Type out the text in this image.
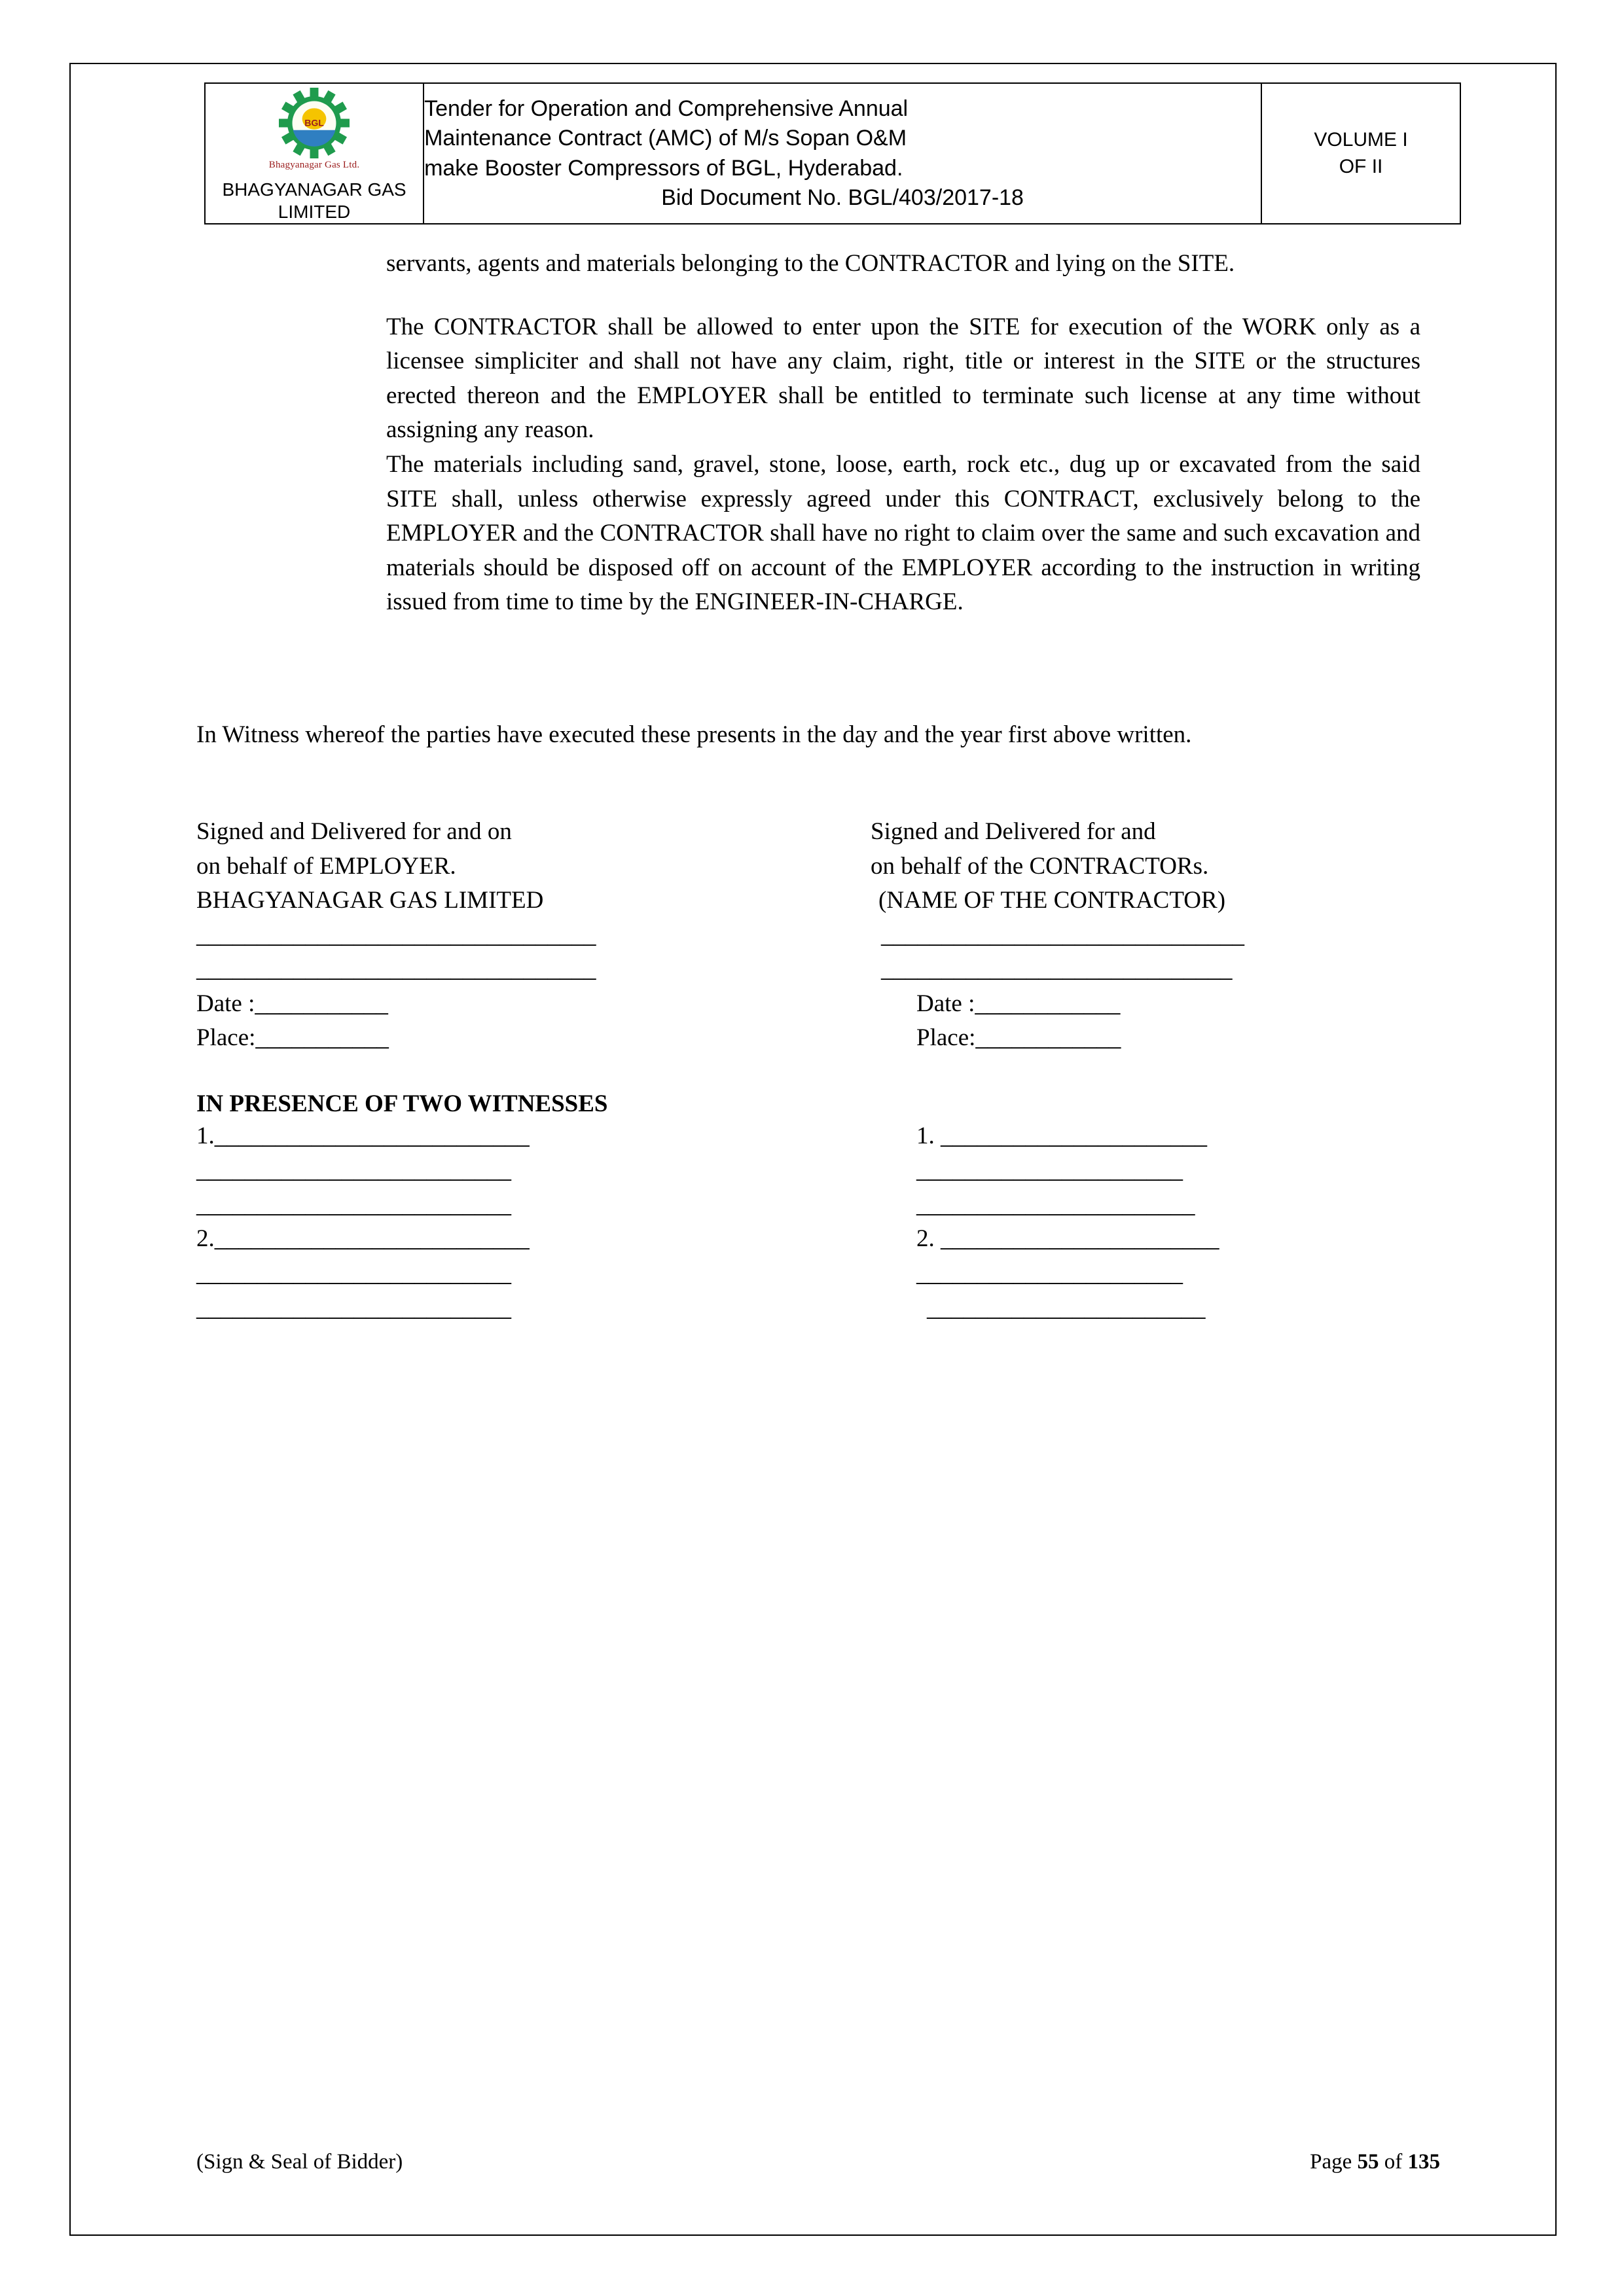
BGL
Bhagyanagar Gas Ltd.
BHAGYANAGAR GAS
LIMITED

Tender for Operation and Comprehensive Annual
Maintenance Contract (AMC) of M/s Sopan O&M
make Booster Compressors of BGL, Hyderabad.
Bid Document No. BGL/403/2017-18

VOLUME I
OF II

servants, agents and materials belonging to the CONTRACTOR and lying on the SITE.

The CONTRACTOR shall be allowed to enter upon the SITE for execution of the WORK only as a licensee simpliciter and shall not have any claim, right, title or interest in the SITE or the structures erected thereon and the EMPLOYER shall be entitled to terminate such license at any time without assigning any reason.

The materials including sand, gravel, stone, loose, earth, rock etc., dug up or excavated from the said SITE shall, unless otherwise expressly agreed under this CONTRACT, exclusively belong to the EMPLOYER and the CONTRACTOR shall have no right to claim over the same and such excavation and materials should be disposed off on account of the EMPLOYER according to the instruction in writing issued from time to time by the ENGINEER-IN-CHARGE.

In Witness whereof the parties have executed these presents in the day and the year first above written.

Signed and Delivered for and on
on behalf of EMPLOYER.
BHAGYANAGAR GAS LIMITED
_________________________________
_________________________________
Date :___________
Place:___________
Signed and Delivered for and
on behalf of the CONTRACTORs.
(NAME OF THE CONTRACTOR)
______________________________
_____________________________
Date :____________
Place:____________
IN PRESENCE OF TWO WITNESSES
1.__________________________
__________________________
__________________________
2.__________________________
__________________________
__________________________
1. ______________________
______________________
_______________________
2. _______________________
______________________
_______________________
(Sign & Seal of Bidder)	Page 55 of 135
